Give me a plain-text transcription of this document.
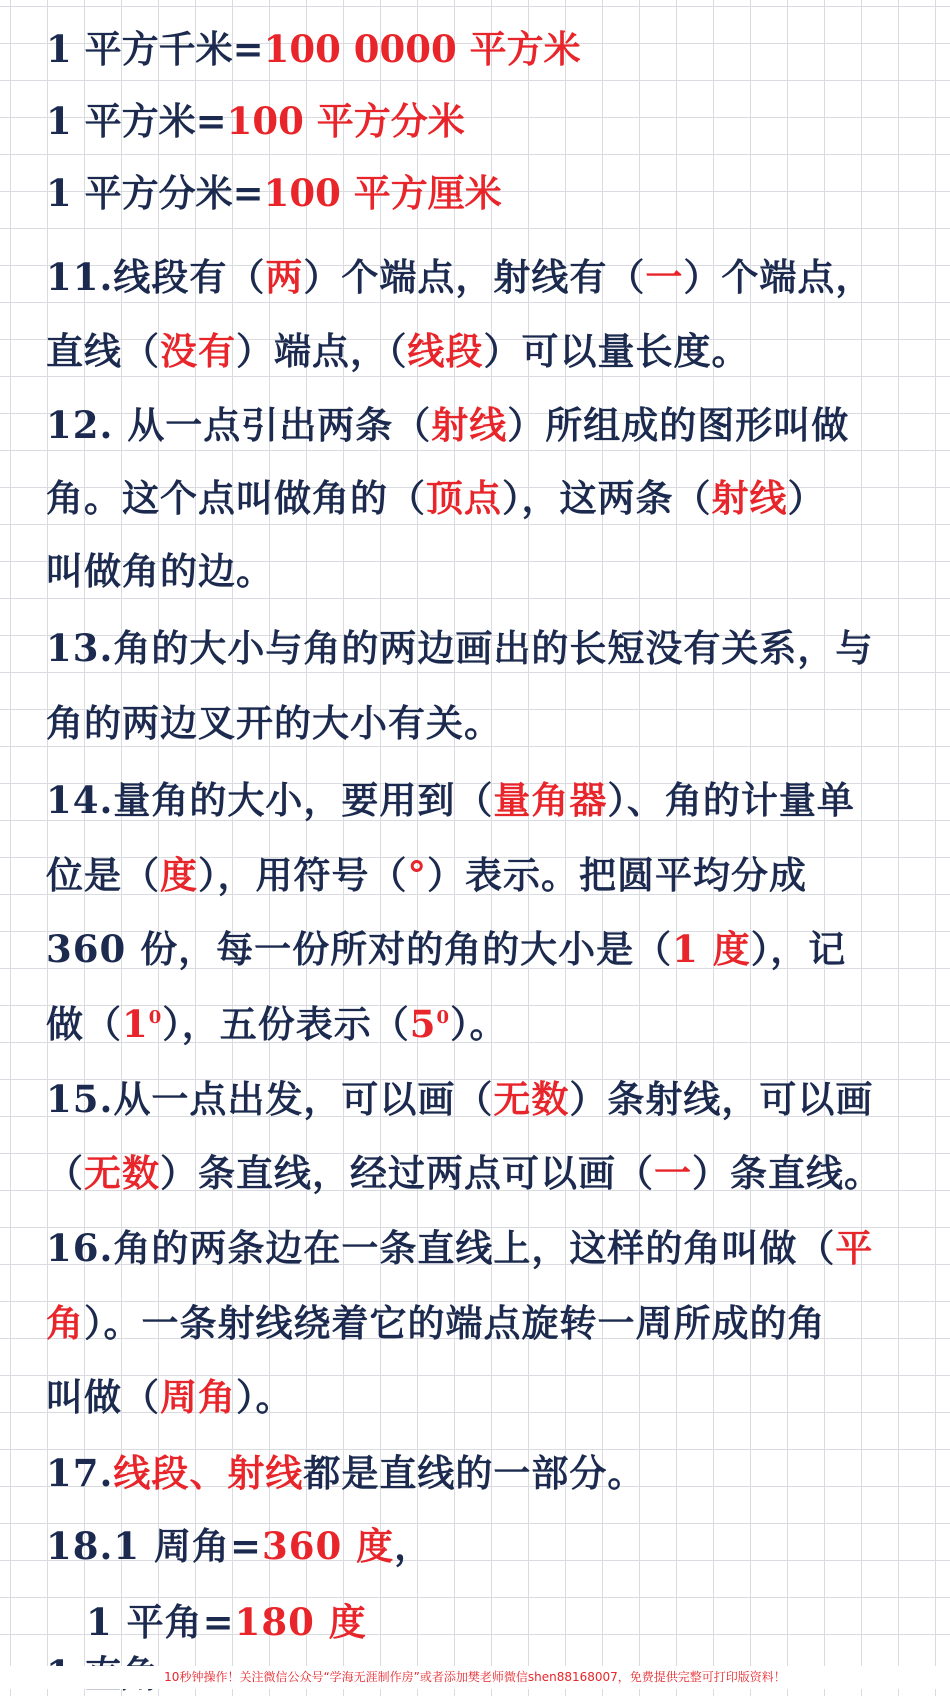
1 平方千米=100 0000 平方米
1 平方米=100 平方分米
1 平方分米=100 平方厘米
11.线段有（两）个端点，射线有（一）个端点，
直线（没有）端点，（线段）可以量长度。
12. 从一点引出两条（射线）所组成的图形叫做
角。这个点叫做角的（顶点），这两条（射线）
叫做角的边。
13.角的大小与角的两边画出的长短没有关系，与
角的两边叉开的大小有关。
14.量角的大小，要用到（量角器）、角的计量单
位是（度），用符号（°）表示。把圆平均分成
360 份，每一份所对的角的大小是（1 度），记
做$(1^0)$，五份表示$(5^0)$。
15.从一点出发，可以画（无数）条射线，可以画
（无数）条直线，经过两点可以画（一）条直线。
16.角的两条边在一条直线上，这样的角叫做（平
角）。一条射线绕着它的端点旋转一周所成的角
叫做（周角）。
17.线段、射线都是直线的一部分。
18.1 周角=360 度，
1 平角=180 度
10秒钟操作！关注微信公众号“学海无涯制作房”或者添加樊老师微信shen88168007，免费提供完整可打印版资料！
